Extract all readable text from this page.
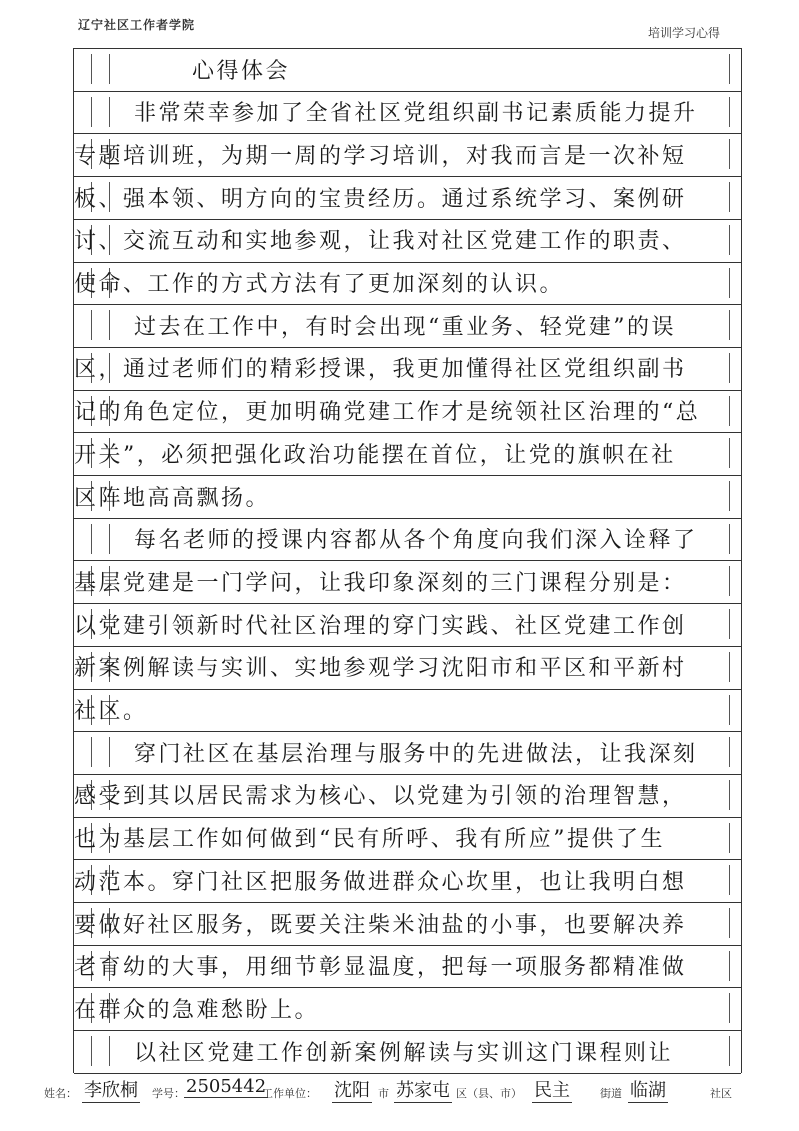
辽宁社区工作者学院
培训学习心得
心得体会
非常荣幸参加了全省社区党组织副书记素质能力提升
专题培训班，为期一周的学习培训，对我而言是一次补短
板、强本领、明方向的宝贵经历。通过系统学习、案例研
讨、交流互动和实地参观，让我对社区党建工作的职责、
使命、工作的方式方法有了更加深刻的认识。
过去在工作中，有时会出现“重业务、轻党建”的误
区，通过老师们的精彩授课，我更加懂得社区党组织副书
记的角色定位，更加明确党建工作才是统领社区治理的“总
开关”，必须把强化政治功能摆在首位，让党的旗帜在社
区阵地高高飘扬。
每名老师的授课内容都从各个角度向我们深入诠释了
基层党建是一门学问，让我印象深刻的三门课程分别是：
以党建引领新时代社区治理的穿门实践、社区党建工作创
新案例解读与实训、实地参观学习沈阳市和平区和平新村
社区。
穿门社区在基层治理与服务中的先进做法，让我深刻
感受到其以居民需求为核心、以党建为引领的治理智慧，
也为基层工作如何做到“民有所呼、我有所应”提供了生
动范本。穿门社区把服务做进群众心坎里，也让我明白想
要做好社区服务，既要关注柴米油盐的小事，也要解决养
老育幼的大事，用细节彰显温度，把每一项服务都精准做
在群众的急难愁盼上。
以社区党建工作创新案例解读与实训这门课程则让
姓名： 李欣桐 学号： 2505442
工作单位： 沈阳 市 苏家屯 区（县、市） 民主	街道 临湖	社区
